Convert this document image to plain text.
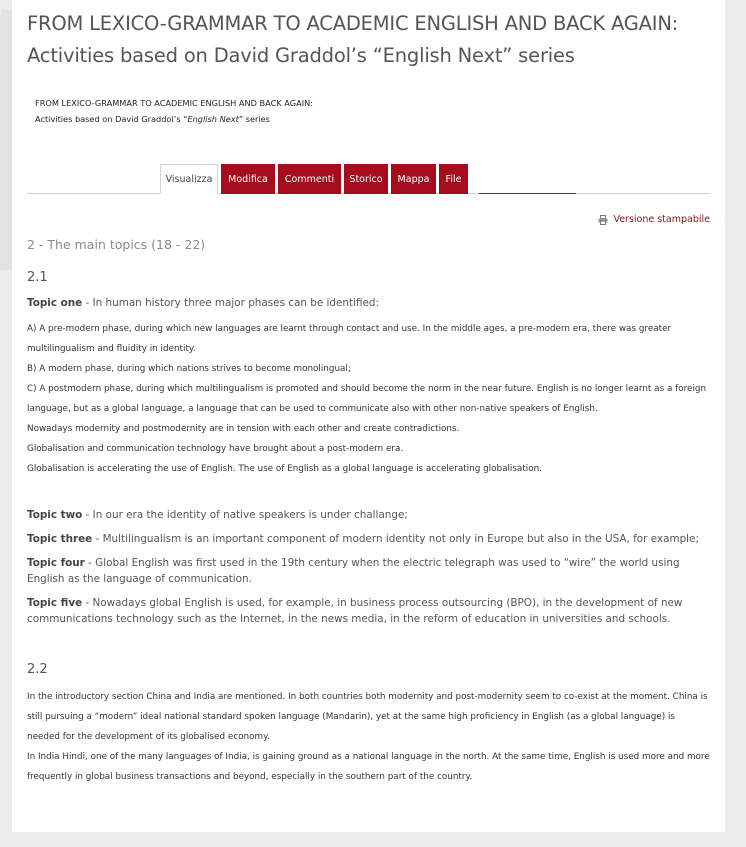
FROM LEXICO-GRAMMAR TO ACADEMIC ENGLISH AND BACK AGAIN: Activities based on David Graddol’s “English Next” series
FROM LEXICO-GRAMMAR TO ACADEMIC ENGLISH AND BACK AGAIN:
Activities based on David Graddol’s “English Next” series
Visualizza	Modifica	Commenti	Storico	Mappa	File
Versione stampabile
2 - The main topics (18 - 22)
2.1
Topic one - In human history three major phases can be identified:

A) A pre-modern phase, during which new languages are learnt through contact and use. In the middle ages, a pre-modern era, there was greater multilingualism and fluidity in identity.

B) A modern phase, during which nations strives to become monolingual;

C) A postmodern phase, during which multilingualism is promoted and should become the norm in the near future. English is no longer learnt as a foreign language, but as a global language, a language that can be used to communicate also with other non-native speakers of English.

Nowadays modernity and postmodernity are in tension with each other and create contradictions.

Globalisation and communication technology have brought about a post-modern era.

Globalisation is accelerating the use of English. The use of English as a global language is accelerating globalisation.

Topic two - In our era the identity of native speakers is under challange;
Topic three - Multilingualism is an important component of modern identity not only in Europe but also in the USA, for example;
Topic four - Global English was first used in the 19th century when the electric telegraph was used to “wire” the world using English as the language of communication.
Topic five - Nowadays global English is used, for example, in business process outsourcing (BPO), in the development of new communications technology such as the Internet, in the news media, in the reform of education in universities and schools.
2.2

In the introductory section China and India are mentioned. In both countries both modernity and post-modernity seem to co-exist at the moment. China is still pursuing a “modern” ideal national standard spoken language (Mandarin), yet at the same high proficiency in English (as a global language) is needed for the development of its globalised economy.

In India Hindi, one of the many languages of India, is gaining ground as a national language in the north. At the same time, English is used more and more frequently in global business transactions and beyond, especially in the southern part of the country.
